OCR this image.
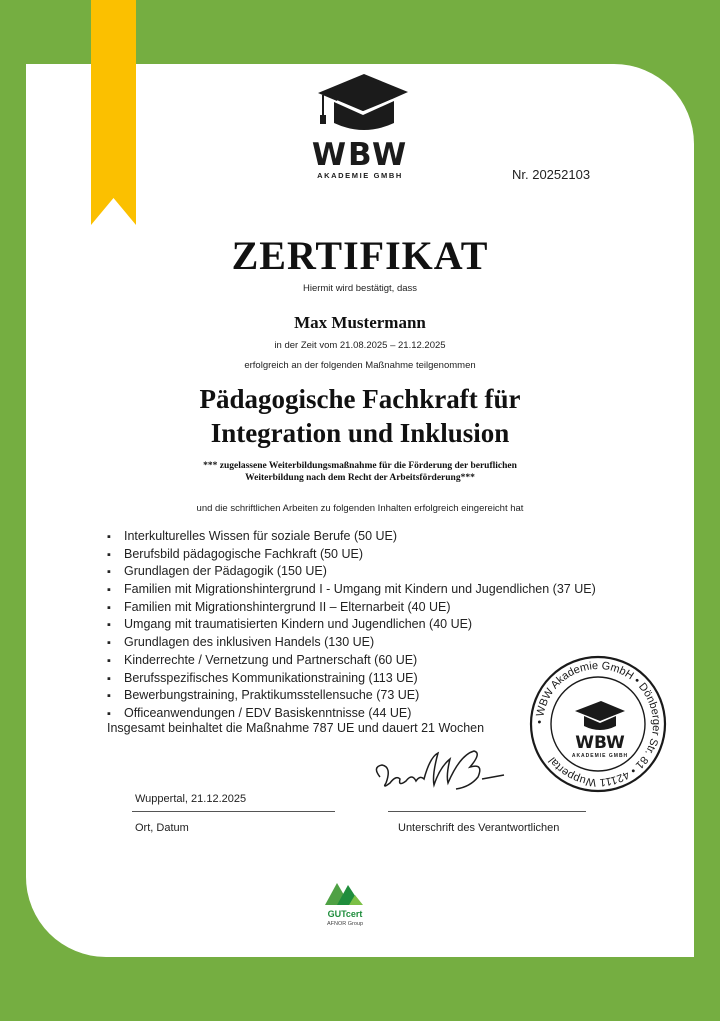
WBW
AKADEMIE GMBH	Nr. 20252103
ZERTIFIKAT
Hiermit wird bestätigt, dass
Max Mustermann
in der Zeit vom 21.08.2025 – 21.12.2025
erfolgreich an der folgenden Maßnahme teilgenommen
Pädagogische Fachkraft für
Integration und Inklusion
*** zugelassene Weiterbildungsmaßnahme für die Förderung der beruflichen
Weiterbildung nach dem Recht der Arbeitsförderung***
und die schriftlichen Arbeiten zu folgenden Inhalten erfolgreich eingereicht hat
▪ Interkulturelles Wissen für soziale Berufe (50 UE)
▪ Berufsbild pädagogische Fachkraft (50 UE)
▪ Grundlagen der Pädagogik (150 UE)
▪ Familien mit Migrationshintergrund I - Umgang mit Kindern und Jugendlichen (37 UE)
▪ Familien mit Migrationshintergrund II – Elternarbeit (40 UE)
▪ Umgang mit traumatisierten Kindern und Jugendlichen (40 UE)
▪ Grundlagen des inklusiven Handels (130 UE)
▪ Kinderrechte / Vernetzung und Partnerschaft (60 UE)
▪ Berufsspezifisches Kommunikationstraining (113 UE)
▪ Bewerbungstraining, Praktikumsstellensuche (73 UE)
▪ Officeanwendungen / EDV Basiskenntnisse (44 UE)
Insgesamt beinhaltet die Maßnahme 787 UE und dauert 21 Wochen
Wuppertal, 21.12.2025
Ort, Datum	Unterschrift des Verantwortlichen
• WBW Akademie GmbH • Dönberger Str. 81 • 42111 Wuppertal
WBW
AKADEMIE GMBH
GUTcert
AFNOR Group
